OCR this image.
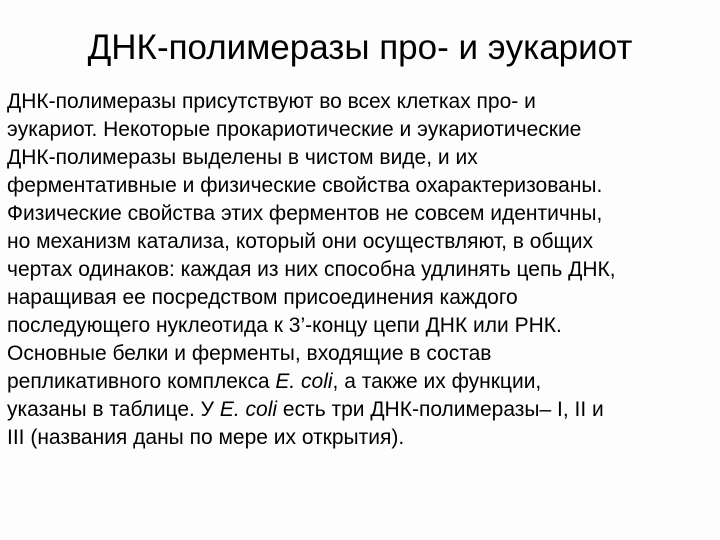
ДНК-полимеразы про- и эукариот
ДНК-полимеразы присутствуют во всех клетках про- и
эукариот. Некоторые прокариотические и эукариотические
ДНК-полимеразы выделены в чистом виде, и их
ферментативные и физические свойства охарактеризованы.
Физические свойства этих ферментов не совсем идентичны,
но механизм катализа, который они осуществляют, в общих
чертах одинаков: каждая из них способна удлинять цепь ДНК,
наращивая ее посредством присоединения каждого
последующего нуклеотида к 3’-концу цепи ДНК или РНК.
Основные белки и ферменты, входящие в состав
репликативного комплекса E. coli, а также их функции,
указаны в таблице. У E. coli есть три ДНК-полимеразы– I, II и
III (названия даны по мере их открытия).
